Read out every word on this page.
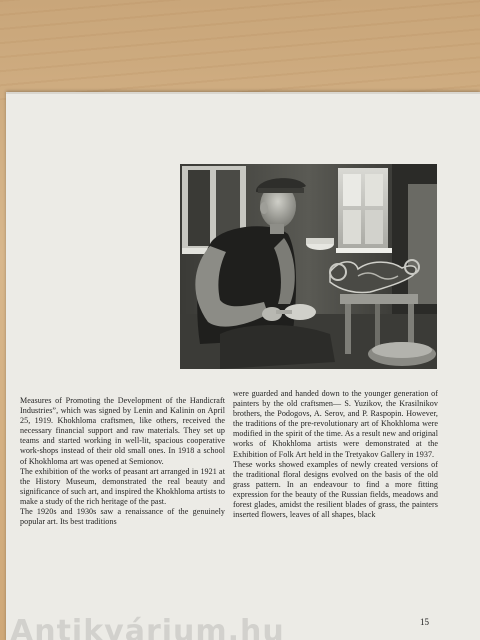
Measures of Promoting the Development of the Handicraft Industries”, which was signed by Lenin and Kalinin on April 25, 1919. Khokhloma craftsmen, like others, received the necessary financial support and raw materials. They set up teams and started working in well-lit, spacious cooperative work-shops instead of their old small ones. In 1918 a school of Khokhloma art was opened at Semionov.

The exhibition of the works of peasant art arranged in 1921 at the History Museum, demonstrated the real beauty and significance of such art, and inspired the Khokhloma artists to make a study of the rich heritage of the past.

The 1920s and 1930s saw a renaissance of the genuinely popular art. Its best traditions

were guarded and handed down to the younger generation of painters by the old craftsmen— S. Yuzikov, the Krasilnikov brothers, the Podogovs, A. Serov, and P. Raspopin. However, the traditions of the pre-revolutionary art of Khokhloma were modified in the spirit of the time. As a result new and original works of Khokhloma artists were demonstrated at the Exhibition of Folk Art held in the Tretyakov Gallery in 1937.

These works showed examples of newly created versions of the traditional floral designs evolved on the basis of the old grass pattern. In an endeavour to find a more fitting expression for the beauty of the Russian fields, meadows and forest glades, amidst the resilient blades of grass, the painters inserted flowers, leaves of all shapes, black

15
Antikvárium.hu
